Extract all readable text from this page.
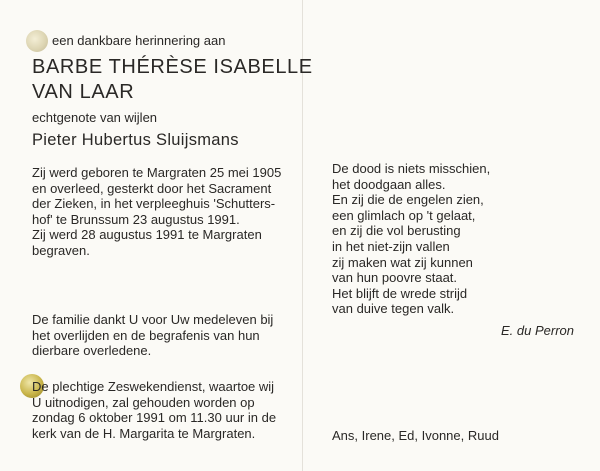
een dankbare herinnering aan
BARBE THÉRÈSE ISABELLE
VAN LAAR
echtgenote van wijlen
Pieter Hubertus Sluijsmans
Zij werd geboren te Margraten 25 mei 1905
en overleed, gesterkt door het Sacrament
der Zieken, in het verpleeghuis 'Schutters-
hof' te Brunssum 23 augustus 1991.
Zij werd 28 augustus 1991 te Margraten
begraven.
De familie dankt U voor Uw medeleven bij
het overlijden en de begrafenis van hun
dierbare overledene.
De plechtige Zeswekendienst, waartoe wij
U uitnodigen, zal gehouden worden op
zondag 6 oktober 1991 om 11.30 uur in de
kerk van de H. Margarita te Margraten.
De dood is niets misschien,
het doodgaan alles.
En zij die de engelen zien,
een glimlach op 't gelaat,
en zij die vol berusting
in het niet-zijn vallen
zij maken wat zij kunnen
van hun poovre staat.
Het blijft de wrede strijd
van duive tegen valk.
E. du Perron
Ans, Irene, Ed, Ivonne, Ruud
